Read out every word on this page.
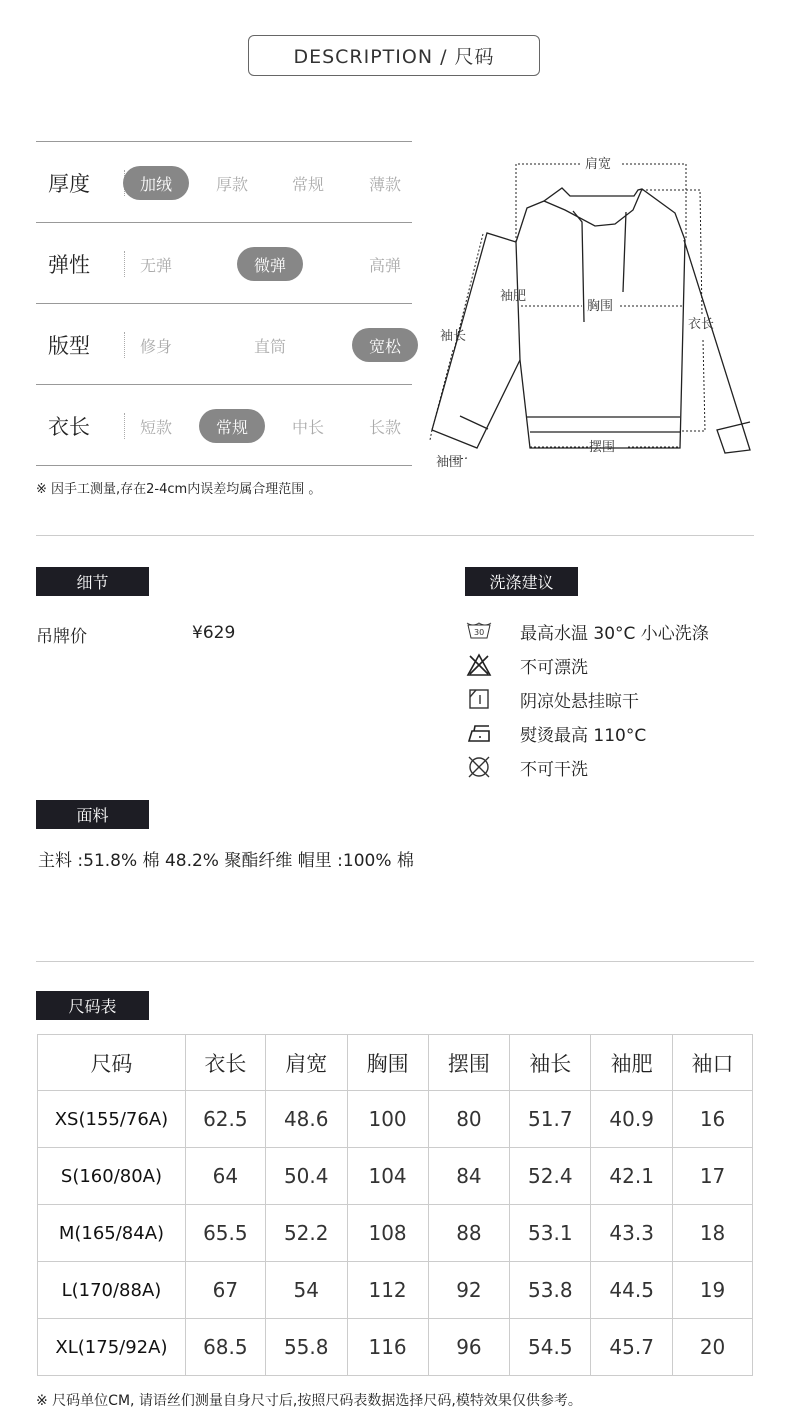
DESCRIPTION / 尺码
厚度	加绒	厚款	常规	薄款
弹性	无弹	微弹	高弹
版型	修身	直筒	宽松
衣长	短款	常规	中长	长款
※ 因手工测量,存在2-4cm内误差均属合理范围 。
肩宽
袖肥
胸围
袖长
衣长
摆围
袖围
细节
吊牌价	¥629
洗涤建议
30 最高水温 30°C 小心洗涤
不可漂洗
阴凉处悬挂晾干
熨烫最高 110°C
不可干洗
面料
主料 :51.8% 棉 48.2% 聚酯纤维 帽里 :100% 棉
尺码表
尺码	衣长	肩宽	胸围	摆围	袖长	袖肥	袖口
XS(155/76A)	62.5	48.6	100	80	51.7	40.9	16
S(160/80A)	64	50.4	104	84	52.4	42.1	17
M(165/84A)	65.5	52.2	108	88	53.1	43.3	18
L(170/88A)	67	54	112	92	53.8	44.5	19
XL(175/92A)	68.5	55.8	116	96	54.5	45.7	20
※ 尺码单位CM, 请语丝们测量自身尺寸后,按照尺码表数据选择尺码,模特效果仅供参考。
